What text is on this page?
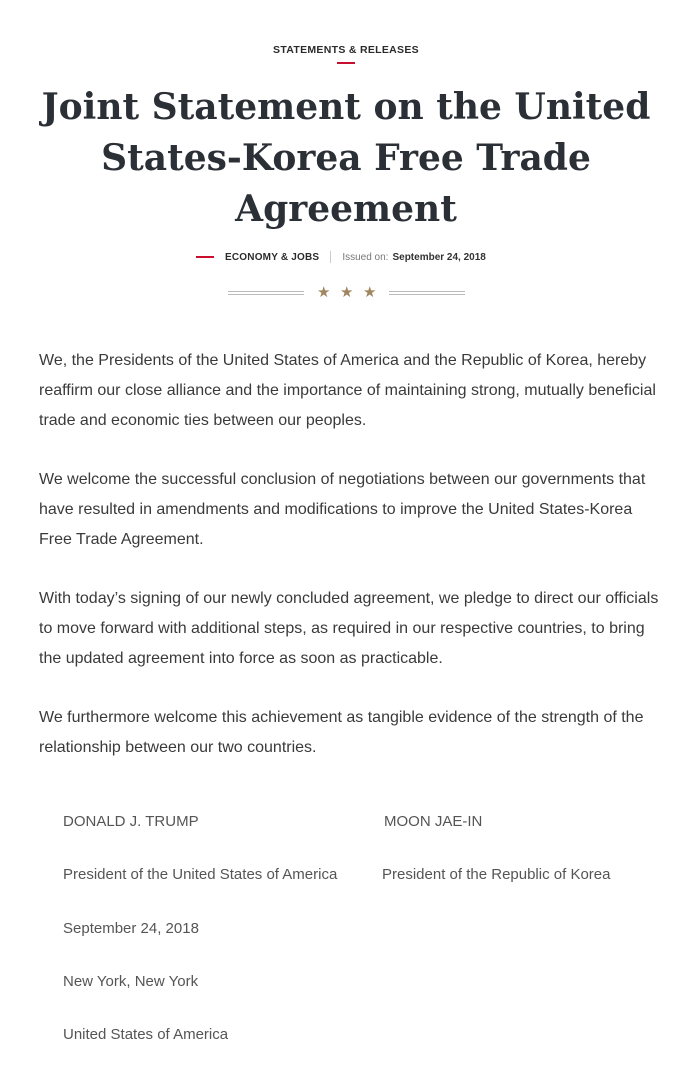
STATEMENTS & RELEASES
Joint Statement on the United States-Korea Free Trade Agreement
ECONOMY & JOBS Issued on: September 24, 2018
★ ★ ★

We, the Presidents of the United States of America and the Republic of Korea, hereby reaffirm our close alliance and the importance of maintaining strong, mutually beneficial trade and economic ties between our peoples.

We welcome the successful conclusion of negotiations between our governments that have resulted in amendments and modifications to improve the United States-Korea Free Trade Agreement.

With today’s signing of our newly concluded agreement, we pledge to direct our officials to move forward with additional steps, as required in our respective countries, to bring the updated agreement into force as soon as practicable.

We furthermore welcome this achievement as tangible evidence of the strength of the relationship between our two countries.

DONALD J. TRUMP	MOON JAE-IN
President of the United States of America	President of the Republic of Korea
September 24, 2018
New York, New York
United States of America
